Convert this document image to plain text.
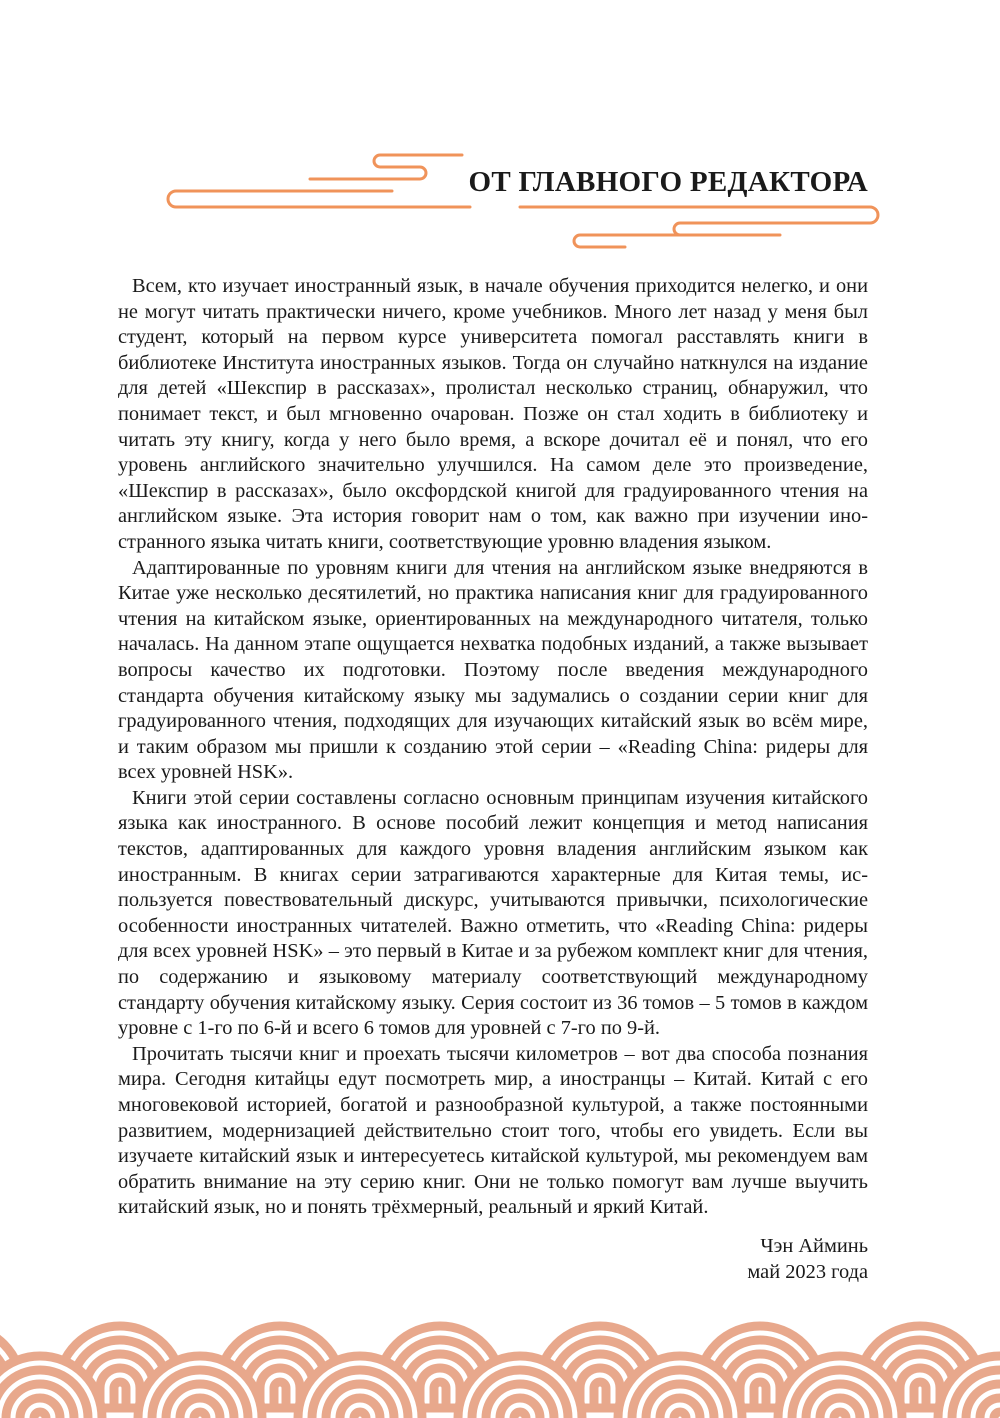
ОТ ГЛАВНОГО РЕДАКТОРА

Всем, кто изучает иностранный язык, в начале обучения приходится нелегко, и они не могут читать практически ничего, кроме учебников. Много лет назад у меня был студент, который на первом курсе университета помогал расставлять книги в библиотеке Института иностранных языков. Тогда он случайно наткнулся на издание для детей «Шекспир в рассказах», пролистал несколько страниц, обнаружил, что понимает текст, и был мгновенно очарован. Позже он стал ходить в библиотеку и читать эту книгу, когда у него было время, а вскоре дочитал её и понял, что его уровень английского значительно улучшился. На самом деле это произведение, «Шекспир в рассказах», было оксфордской книгой для градуированного чтения на английском языке. Эта история говорит нам о том, как важно при изучении иностранного языка читать книги, соответствующие уровню владения языком.

Адаптированные по уровням книги для чтения на английском языке внедряются в Китае уже несколько десятилетий, но практика написания книг для градуированного чтения на китайском языке, ориентированных на международного читателя, только началась. На данном этапе ощущается нехватка подобных изданий, а также вызывает вопросы качество их подготовки. Поэтому после введения международного стандарта обучения китайскому языку мы задумались о создании серии книг для градуированного чтения, подходящих для изучающих китайский язык во всём мире, и таким образом мы пришли к созданию этой серии – «Reading China: ридеры для всех уровней HSK».

Книги этой серии составлены согласно основным принципам изучения китайского языка как иностранного. В основе пособий лежит концепция и метод написания текстов, адаптированных для каждого уровня владения английским языком как иностранным. В книгах серии затрагиваются характерные для Китая темы, используется повествовательный дискурс, учитываются привычки, психологические особенности иностранных читателей. Важно отметить, что «Reading China: ридеры для всех уровней HSK» – это первый в Китае и за рубежом комплект книг для чтения, по содержанию и языковому материалу соответствующий международному стандарту обучения китайскому языку. Серия состоит из 36 томов – 5 томов в каждом уровне с 1-го по 6-й и всего 6 томов для уровней с 7-го по 9-й.

Прочитать тысячи книг и проехать тысячи километров – вот два способа познания мира. Сегодня китайцы едут посмотреть мир, а иностранцы – Китай. Китай с его многовековой историей, богатой и разнообразной культурой, а также постоянными развитием, модернизацией действительно стоит того, чтобы его увидеть. Если вы изучаете китайский язык и интересуетесь китайской культурой, мы рекомендуем вам обратить внимание на эту серию книг. Они не только помогут вам лучше выучить китайский язык, но и понять трёхмерный, реальный и яркий Китай.

Чэн Айминь
май 2023 года
